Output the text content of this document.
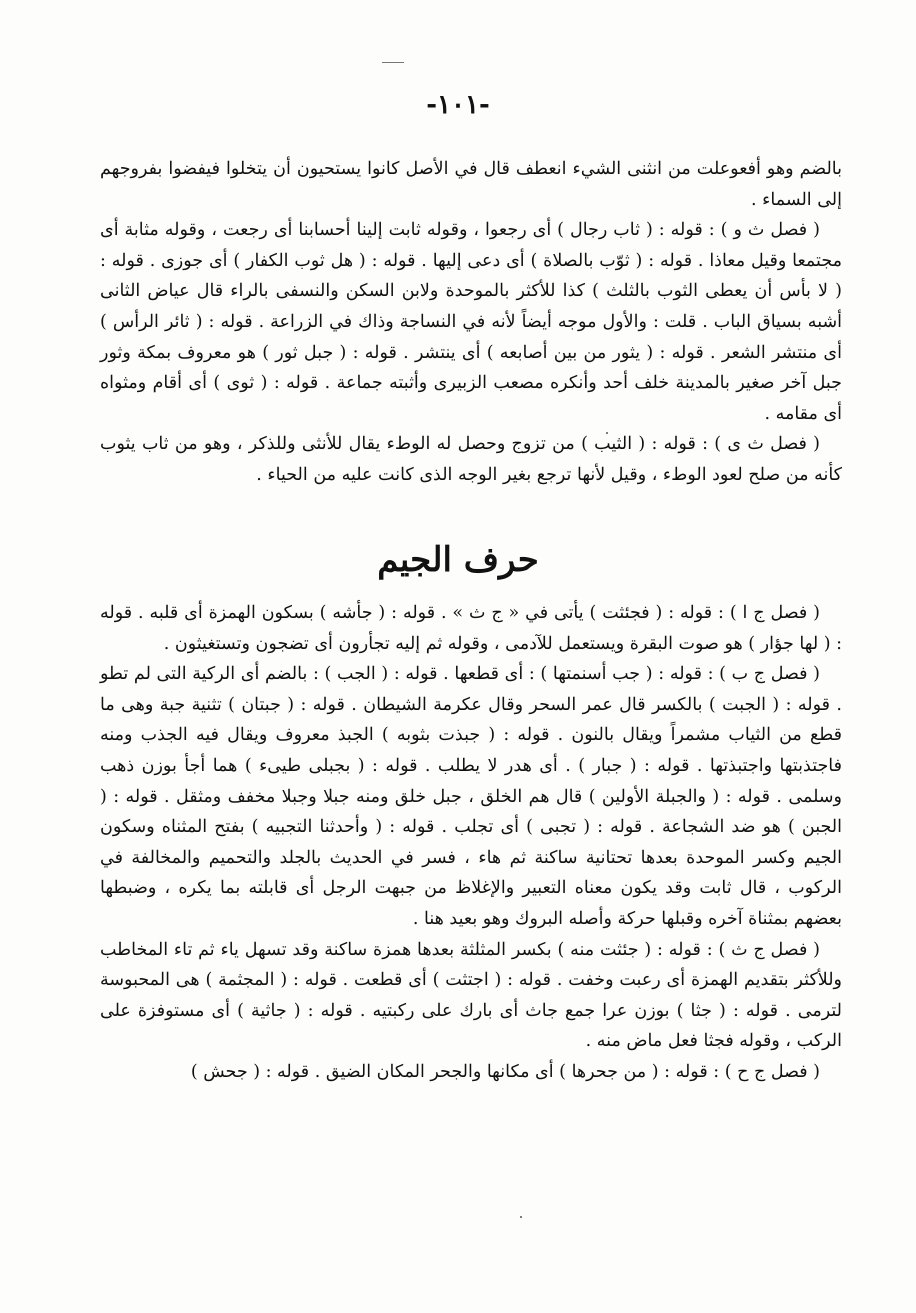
-١٠١-

بالضم وهو أفعوعلت من انثنى الشيء انعطف قال في الأصل كانوا يستحيون أن يتخلوا فيفضوا بفروجهم إلى السماء .

( فصل ث و ) : قوله : ( ثاب رجال ) أى رجعوا ، وقوله ثابت إلينا أحسابنا أى رجعت ، وقوله مثابة أى مجتمعا وقيل معاذا . قوله : ( ثوّب بالصلاة ) أى دعى إليها . قوله : ( هل ثوب الكفار ) أى جوزى . قوله : ( لا بأس أن يعطى الثوب بالثلث ) كذا للأكثر بالموحدة ولابن السكن والنسفى بالراء قال عياض الثانى أشبه بسياق الباب . قلت : والأول موجه أيضاً لأنه في النساجة وذاك في الزراعة . قوله : ( ثائر الرأس ) أى منتشر الشعر . قوله : ( يثور من بين أصابعه ) أى ينتشر . قوله : ( جبل ثور ) هو معروف بمكة وثور جبل آخر صغير بالمدينة خلف أحد وأنكره مصعب الزبيرى وأثبته جماعة . قوله : ( ثوى ) أى أقام ومثواه أى مقامه .

( فصل ث ى ) : قوله : ( الثيب ) من تزوج وحصل له الوطء يقال للأنثى وللذكر ، وهو من ثاب يثوب كأنه من صلح لعود الوطء ، وقيل لأنها ترجع بغير الوجه الذى كانت عليه من الحياء .

حرف الجيم

( فصل ج ا ) : قوله : ( فجئثت ) يأتى في « ج ث » . قوله : ( جأشه ) بسكون الهمزة أى قلبه . قوله : ( لها جؤار ) هو صوت البقرة ويستعمل للآدمى ، وقوله ثم إليه تجأرون أى تضجون وتستغيثون .

( فصل ج ب ) : قوله : ( جب أسنمتها ) : أى قطعها . قوله : ( الجب ) : بالضم أى الركية التى لم تطو . قوله : ( الجبت ) بالكسر قال عمر السحر وقال عكرمة الشيطان . قوله : ( جبتان ) تثنية جبة وهى ما قطع من الثياب مشمراً ويقال بالنون . قوله : ( جبذت بثوبه ) الجبذ معروف ويقال فيه الجذب ومنه فاجتذبتها واجتبذتها . قوله : ( جبار ) . أى هدر لا يطلب . قوله : ( بجبلى طيىء ) هما أجأ بوزن ذهب وسلمى . قوله : ( والجبلة الأولين ) قال هم الخلق ، جبل خلق ومنه جبلا وجبلا مخفف ومثقل . قوله : ( الجبن ) هو ضد الشجاعة . قوله : ( تجبى ) أى تجلب . قوله : ( وأحدثنا التجبيه ) بفتح المثناه وسكون الجيم وكسر الموحدة بعدها تحتانية ساكنة ثم هاء ، فسر في الحديث بالجلد والتحميم والمخالفة في الركوب ، قال ثابت وقد يكون معناه التعبير والإغلاظ من جبهت الرجل أى قابلته بما يكره ، وضبطها بعضهم بمثناة آخره وقبلها حركة وأصله البروك وهو بعيد هنا .

( فصل ج ث ) : قوله : ( جئثت منه ) بكسر المثلثة بعدها همزة ساكنة وقد تسهل ياء ثم تاء المخاطب وللأكثر بتقديم الهمزة أى رعبت وخفت . قوله : ( اجتثت ) أى قطعت . قوله : ( المجثمة ) هى المحبوسة لترمى . قوله : ( جثا ) بوزن عرا جمع جاث أى بارك على ركبتيه . قوله : ( جاثية ) أى مستوفزة على الركب ، وقوله فجثا فعل ماض منه .

( فصل ج ح ) : قوله : ( من جحرها ) أى مكانها والجحر المكان الضيق . قوله : ( جحش )
